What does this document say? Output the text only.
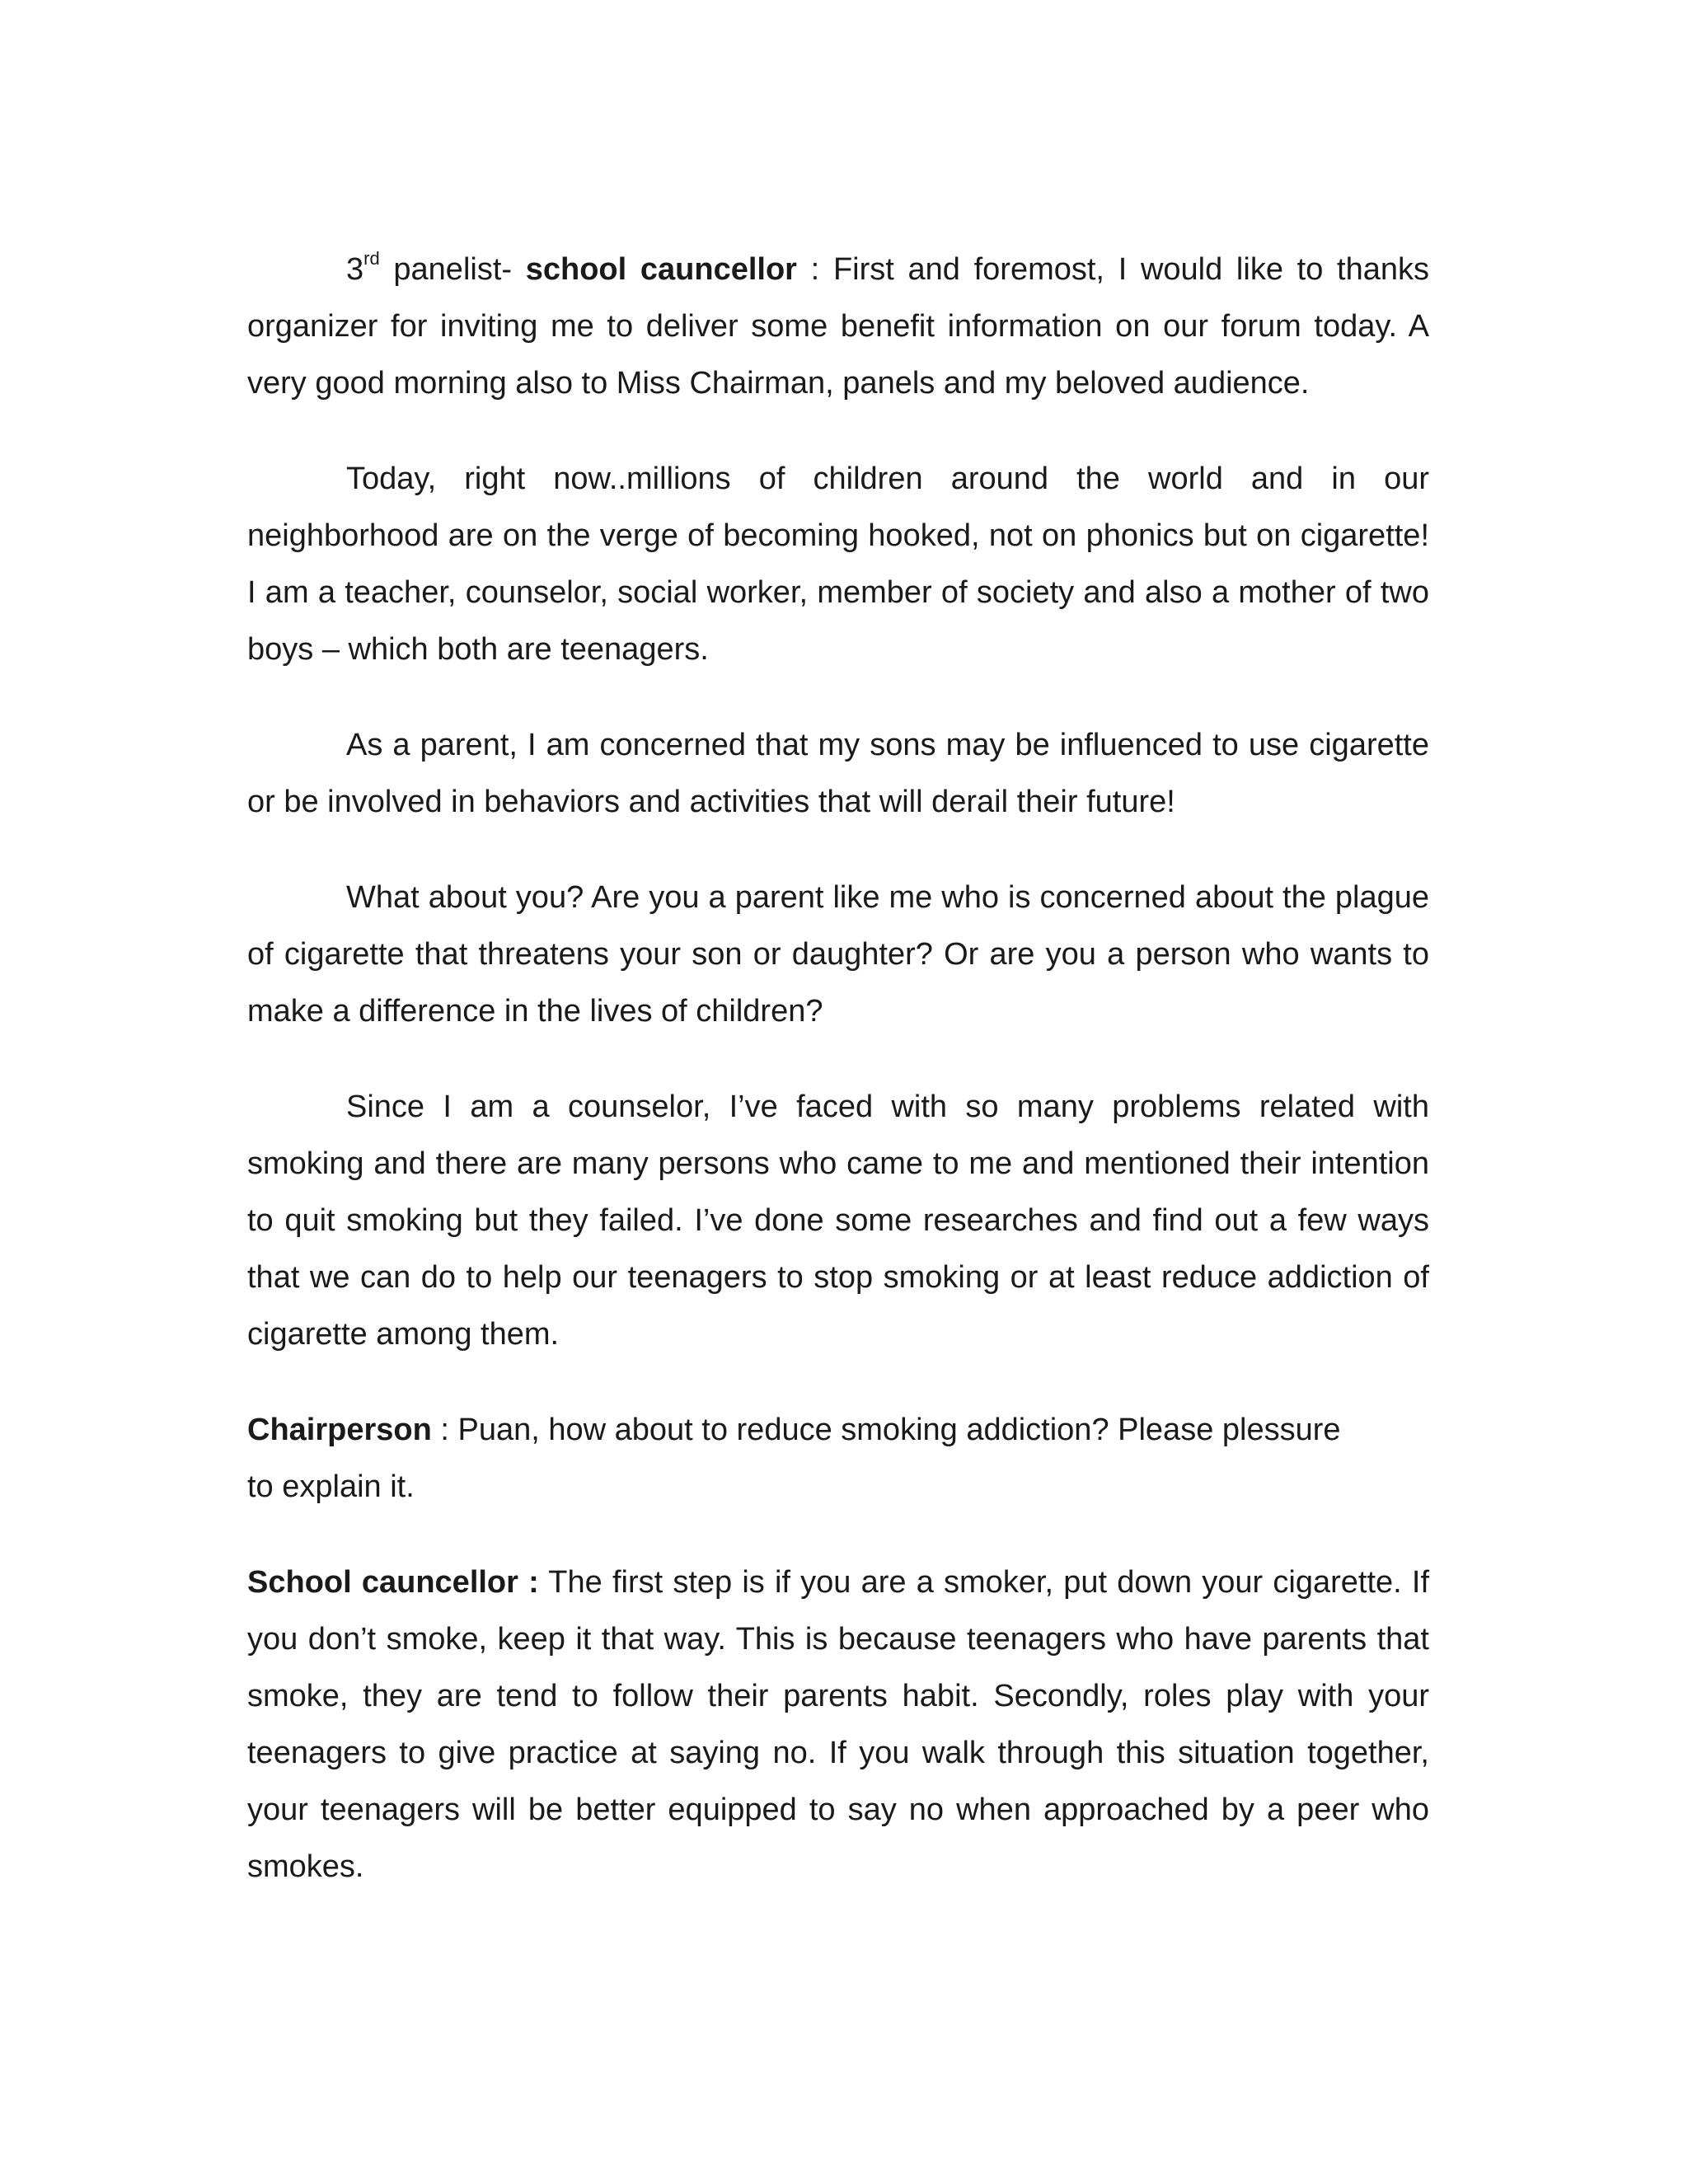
3rd panelist- school cauncellor : First and foremost, I would like to thanks organizer for inviting me to deliver some benefit information on our forum today. A very good morning also to Miss Chairman, panels and my beloved audience.

Today, right now..millions of children around the world and in our neighborhood are on the verge of becoming hooked, not on phonics but on cigarette! I am a teacher, counselor, social worker, member of society and also a mother of two boys – which both are teenagers.

As a parent, I am concerned that my sons may be influenced to use cigarette or be involved in behaviors and activities that will derail their future!

What about you? Are you a parent like me who is concerned about the plague of cigarette that threatens your son or daughter? Or are you a person who wants to make a difference in the lives of children?

Since I am a counselor, I’ve faced with so many problems related with smoking and there are many persons who came to me and mentioned their intention to quit smoking but they failed. I’ve done some researches and find out a few ways that we can do to help our teenagers to stop smoking or at least reduce addiction of cigarette among them.

Chairperson : Puan, how about to reduce smoking addiction? Please plessure
to explain it.

School cauncellor : The first step is if you are a smoker, put down your cigarette. If you don’t smoke, keep it that way. This is because teenagers who have parents that smoke, they are tend to follow their parents habit. Secondly, roles play with your teenagers to give practice at saying no. If you walk through this situation together, your teenagers will be better equipped to say no when approached by a peer who smokes.
